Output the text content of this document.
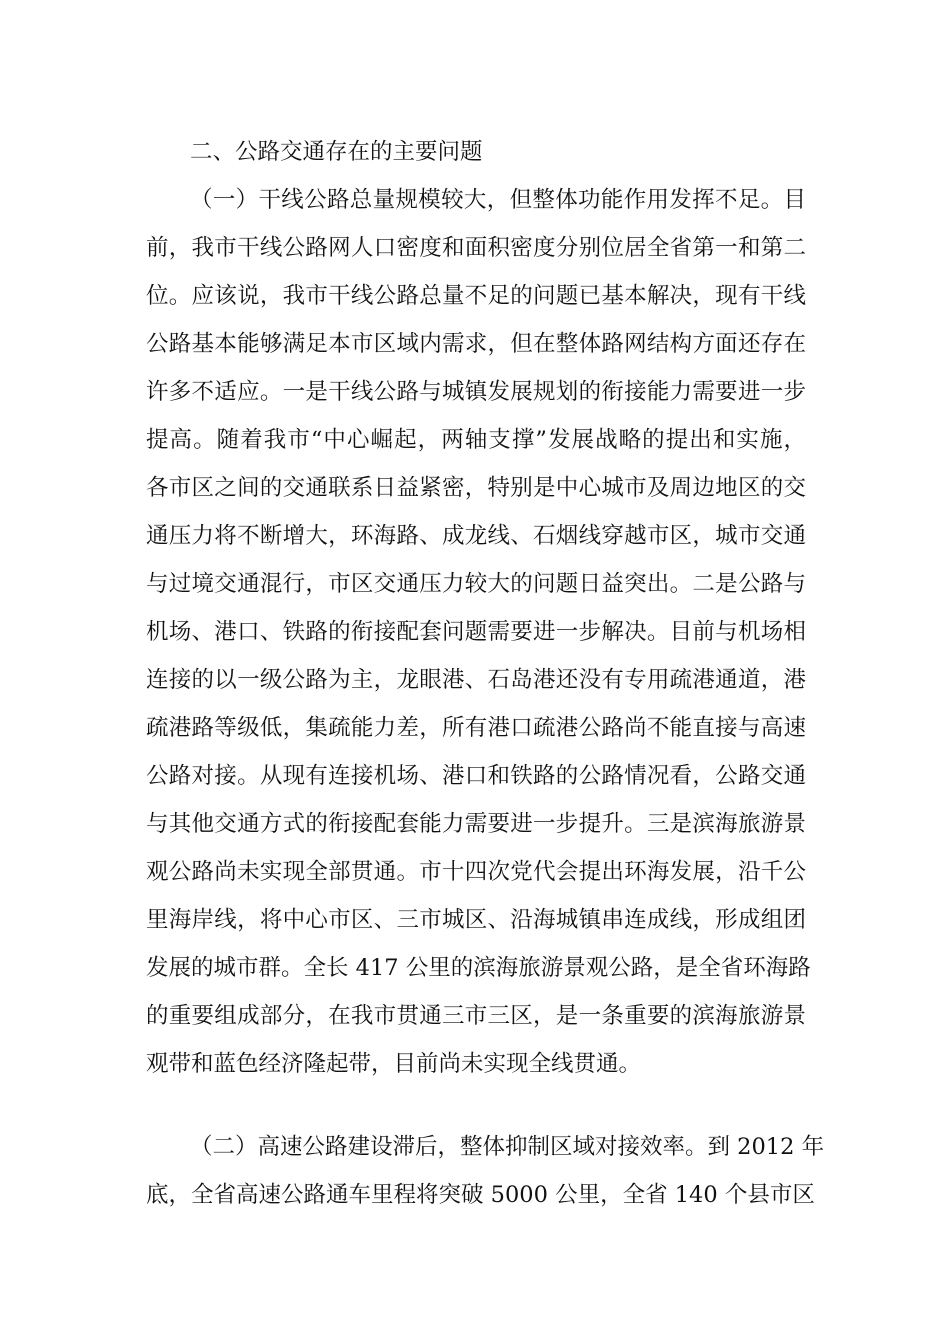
二、公路交通存在的主要问题
（一）干线公路总量规模较大，但整体功能作用发挥不足。目
前，我市干线公路网人口密度和面积密度分别位居全省第一和第二
位。应该说，我市干线公路总量不足的问题已基本解决，现有干线
公路基本能够满足本市区域内需求，但在整体路网结构方面还存在
许多不适应。一是干线公路与城镇发展规划的衔接能力需要进一步
提高。随着我市“中心崛起，两轴支撑”发展战略的提出和实施，
各市区之间的交通联系日益紧密，特别是中心城市及周边地区的交
通压力将不断增大，环海路、成龙线、石烟线穿越市区，城市交通
与过境交通混行，市区交通压力较大的问题日益突出。二是公路与
机场、港口、铁路的衔接配套问题需要进一步解决。目前与机场相
连接的以一级公路为主，龙眼港、石岛港还没有专用疏港通道，港
疏港路等级低，集疏能力差，所有港口疏港公路尚不能直接与高速
公路对接。从现有连接机场、港口和铁路的公路情况看，公路交通
与其他交通方式的衔接配套能力需要进一步提升。三是滨海旅游景
观公路尚未实现全部贯通。市十四次党代会提出环海发展，沿千公
里海岸线，将中心市区、三市城区、沿海城镇串连成线，形成组团
发展的城市群。全长 417 公里的滨海旅游景观公路，是全省环海路
的重要组成部分，在我市贯通三市三区，是一条重要的滨海旅游景
观带和蓝色经济隆起带，目前尚未实现全线贯通。
（二）高速公路建设滞后，整体抑制区域对接效率。到 2012 年
底，全省高速公路通车里程将突破 5000 公里，全省 140 个县市区
